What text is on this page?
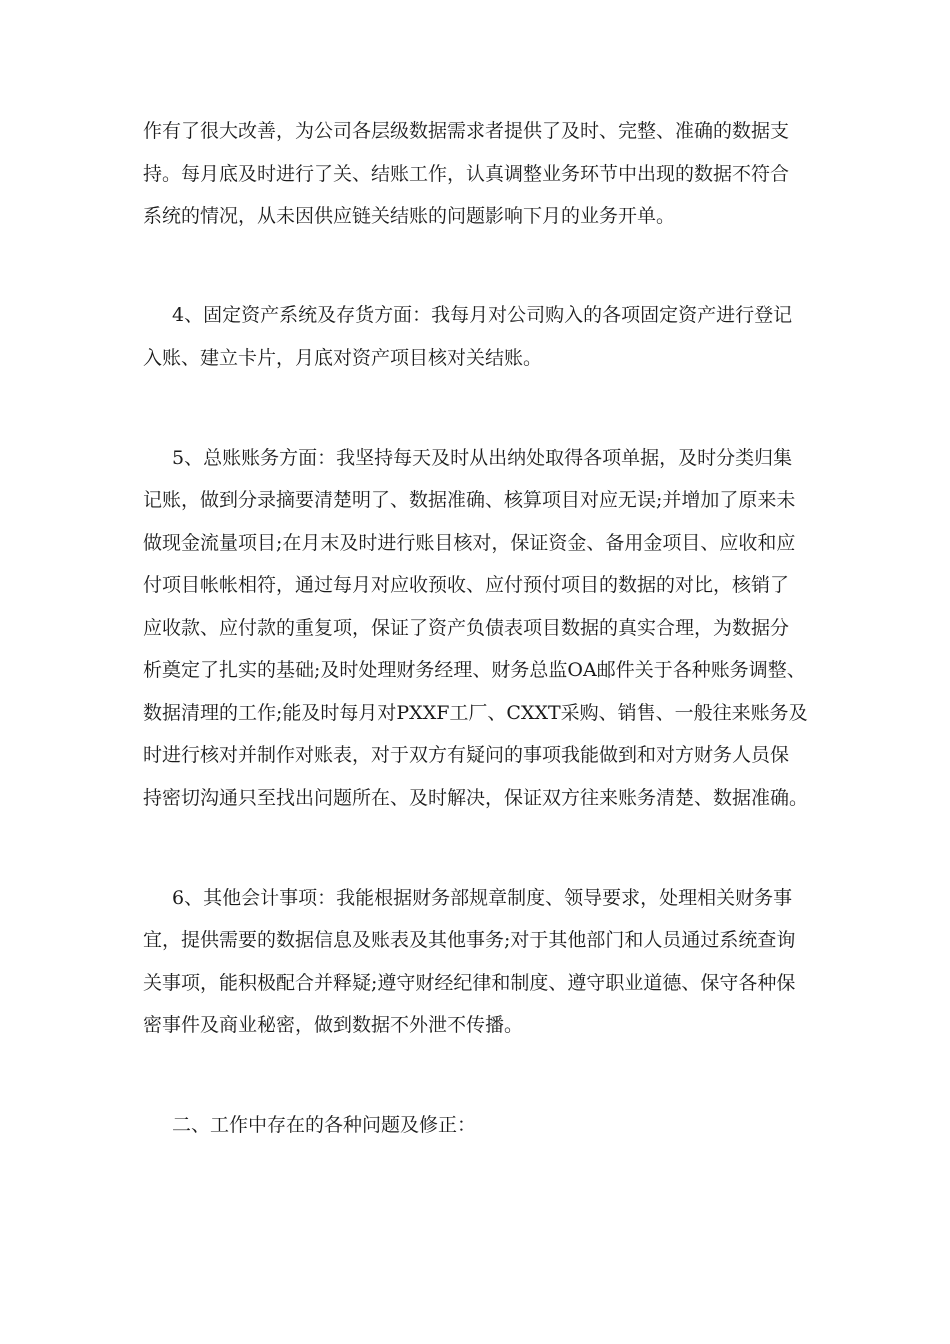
作有了很大改善，为公司各层级数据需求者提供了及时、完整、准确的数据支
持。每月底及时进行了关、结账工作，认真调整业务环节中出现的数据不符合
系统的情况，从未因供应链关结账的问题影响下月的业务开单。
4、固定资产系统及存货方面：我每月对公司购入的各项固定资产进行登记
入账、建立卡片，月底对资产项目核对关结账。
5、总账账务方面：我坚持每天及时从出纳处取得各项单据，及时分类归集
记账，做到分录摘要清楚明了、数据准确、核算项目对应无误;并增加了原来未
做现金流量项目;在月末及时进行账目核对，保证资金、备用金项目、应收和应
付项目帐帐相符，通过每月对应收预收、应付预付项目的数据的对比，核销了
应收款、应付款的重复项，保证了资产负债表项目数据的真实合理，为数据分
析奠定了扎实的基础;及时处理财务经理、财务总监OA邮件关于各种账务调整、
数据清理的工作;能及时每月对PXXF工厂、CXXT采购、销售、一般往来账务及
时进行核对并制作对账表，对于双方有疑问的事项我能做到和对方财务人员保
持密切沟通只至找出问题所在、及时解决，保证双方往来账务清楚、数据准确。
6、其他会计事项：我能根据财务部规章制度、领导要求，处理相关财务事
宜，提供需要的数据信息及账表及其他事务;对于其他部门和人员通过系统查询
关事项，能积极配合并释疑;遵守财经纪律和制度、遵守职业道德、保守各种保
密事件及商业秘密，做到数据不外泄不传播。
二、工作中存在的各种问题及修正：
